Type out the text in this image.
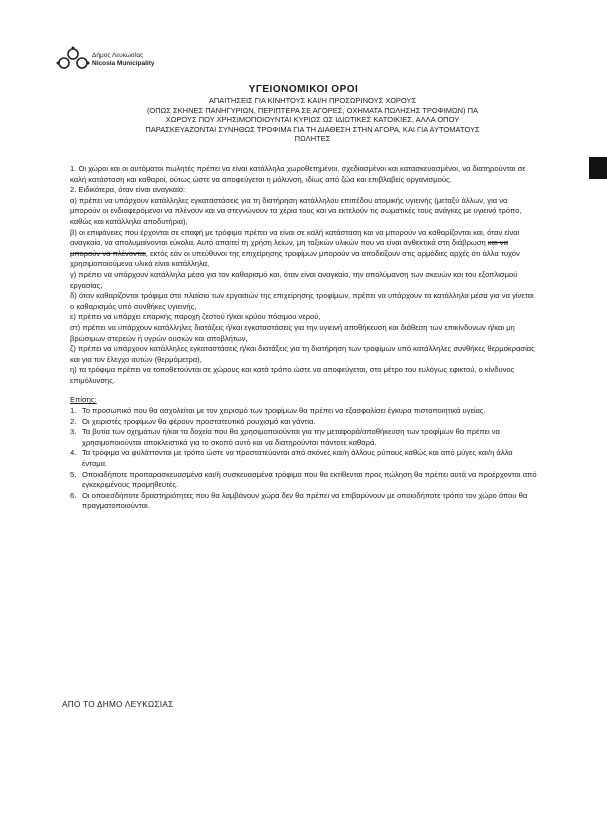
Δήμος Λευκωσίας
Nicosia Municipality
ΥΓΕΙΟΝΟΜΙΚΟΙ ΟΡΟΙ
ΑΠΑΙΤΗΣΕΙΣ ΓΙΑ ΚΙΝΗΤΟΥΣ ΚΑΙ/Η ΠΡΟΣΩΡΙΝΟΥΣ ΧΩΡΟΥΣ
(ΟΠΩΣ ΣΚΗΝΕΣ ΠΑΝΗΓΥΡΙΩΝ, ΠΕΡΙΠΤΕΡΑ ΣΕ ΑΓΟΡΕΣ, ΟΧΗΜΑΤΑ ΠΩΛΗΣΗΣ ΤΡΟΦΙΜΩΝ) ΠΑ
ΧΩΡΟΥΣ ΠΟΥ ΧΡΗΣΙΜΟΠΟΙΟΥΝΤΑΙ ΚΥΡΙΩΣ ΩΣ ΙΔΙΩΤΙΚΕΣ ΚΑΤΟΙΚΙΕΣ, ΑΛΛΑ ΟΠΟΥ
ΠΑΡΑΣΚΕΥΑΖΟΝΤΑΙ ΣΥΝΗΘΩΣ ΤΡΟΦΙΜΑ ΓΙΑ ΤΗ ΔΙΑΘΕΣΗ ΣΤΗΝ ΑΓΟΡΑ, ΚΑΙ ΓΙΑ ΑΥΤΟΜΑΤΟΥΣ
ΠΩΛΗΤΕΣ

1. Οι χώροι και οι αυτόματοι πωλητές πρέπει να είναι κατάλληλα χωροθετημένοι, σχεδιασμένοι και κατασκευασμένοι, να διατηρούνται σε καλή κατάσταση και καθαροί, ούτως ώστε να αποφεύγεται η μόλυνση, ιδίως από ζώα και επιβλαβείς οργανισμούς.

2. Ειδικότερα, όταν είναι αναγκαίο:

α) πρέπει να υπάρχουν κατάλληλες εγκαταστάσεις για τη διατήρηση κατάλληλου επιπέδου ατομικής υγιεινής (μεταξύ άλλων, για να μπορούν οι ενδιαφερόμενοι να πλένουν και να στεγνώνουν τα χέρια τους και να εκτελούν τις σωματικές τους ανάγκες με υγιεινό τρόπο, καθώς και κατάλληλα αποδυτήρια),

β) οι επιφάνειες που έρχονται σε επαφή με τρόφιμα πρέπει να είναι σε καλή κατάσταση και να μπορούν να καθαρίζονται και, όταν είναι αναγκαίο, να απολυμαίνονται εύκολα. Αυτό απαιτεί τη χρήση λείων, μη τοξικών υλικών που να είναι ανθεκτικά στη διάβρωση και να μπορούν να πλένονται, εκτός εάν οι υπεύθυνοι της επιχείρησης τροφίμων μπορούν να αποδείξουν στις αρμόδιες αρχές ότι άλλα τυχόν χρησιμοποιούμενα υλικά είναι κατάλληλα,

γ) πρέπει να υπάρχουν κατάλληλα μέσα για τον καθαρισμό και, όταν είναι αναγκαίο, την απολύμανση των σκευών και του εξοπλισμού εργασίας,

δ) όταν καθαρίζονται τρόφιμα στο πλαίσιο των εργασιών της επιχείρησης τροφίμων, πρέπει να υπάρχουν τα κατάλληλα μέσα για να γίνεται ο καθαρισμός υπό συνθήκες υγιεινής,

ε) πρέπει να υπάρχει επαρκής παροχή ζεστού ή/και κρύου πόσιμου νερού,

στ) πρέπει να υπάρχουν κατάλληλες διατάξεις ή/και εγκαταστάσεις για την υγιεινή αποθήκευση και διάθεση των επικίνδυνων ή/και μη βρώσιμων στερεών ή υγρών ουσιών και αποβλήτων,

ζ) πρέπει να υπάρχουν κατάλληλες εγκαταστάσεις ή/και διατάξεις για τη διατήρηση των τροφίμων υπό κατάλληλες συνθήκες θερμοκρασίας και για τον έλεγχο αυτών (θερμόμετρα),

η) τα τρόφιμα πρέπει να τοποθετούνται σε χώρους και κατά τρόπο ώστε να αποφεύγεται, στο μέτρο του ευλόγως εφικτού, ο κίνδυνος επιμόλυνσης.

Επίσης:

1. Το προσωπικό που θα ασχολείται με τον χειρισμό των τροφίμων θα πρέπει να εξασφαλίσει έγκυρα πιστοποιητικά υγείας.
2. Οι χειριστές τροφίμων θα φέρουν προστατευτικό ρουχισμό και γάντια.
3. Τα βυτία των οχημάτων ή/και τα δοχεία που θα χρησιμοποιούνται για την μεταφορά/αποθήκευση των τροφίμων θα πρέπει να χρησιμοποιούνται αποκλειστικά για το σκοπό αυτό και να διατηρούνται πάντοτε καθαρά.
4. Τα τρόφιμα να φυλάττονται με τρόπο ώστε να προστατεύονται από σκόνες και/η άλλους ρύπους καθώς και από μύγες και/η άλλα έντομα.
5. Οποιαδήποτε προπαρασκευασμένα και/ή συσκευασμένα τρόφιμα που θα εκτίθενται προς πώληση θα πρέπει αυτά να προέρχονται από εγκεκριμένους προμηθευτές.
6. Οι οποιεσδήποτε δραστηριότητες που θα λαμβάνουν χώρα δεν θα πρέπει να επιβαρύνουν με οποιοδήποτε τρόπο τον χώρο όπου θα πραγματοποιούνται.
ΑΠΟ ΤΟ ΔΗΜΟ ΛΕΥΚΩΣΙΑΣ
